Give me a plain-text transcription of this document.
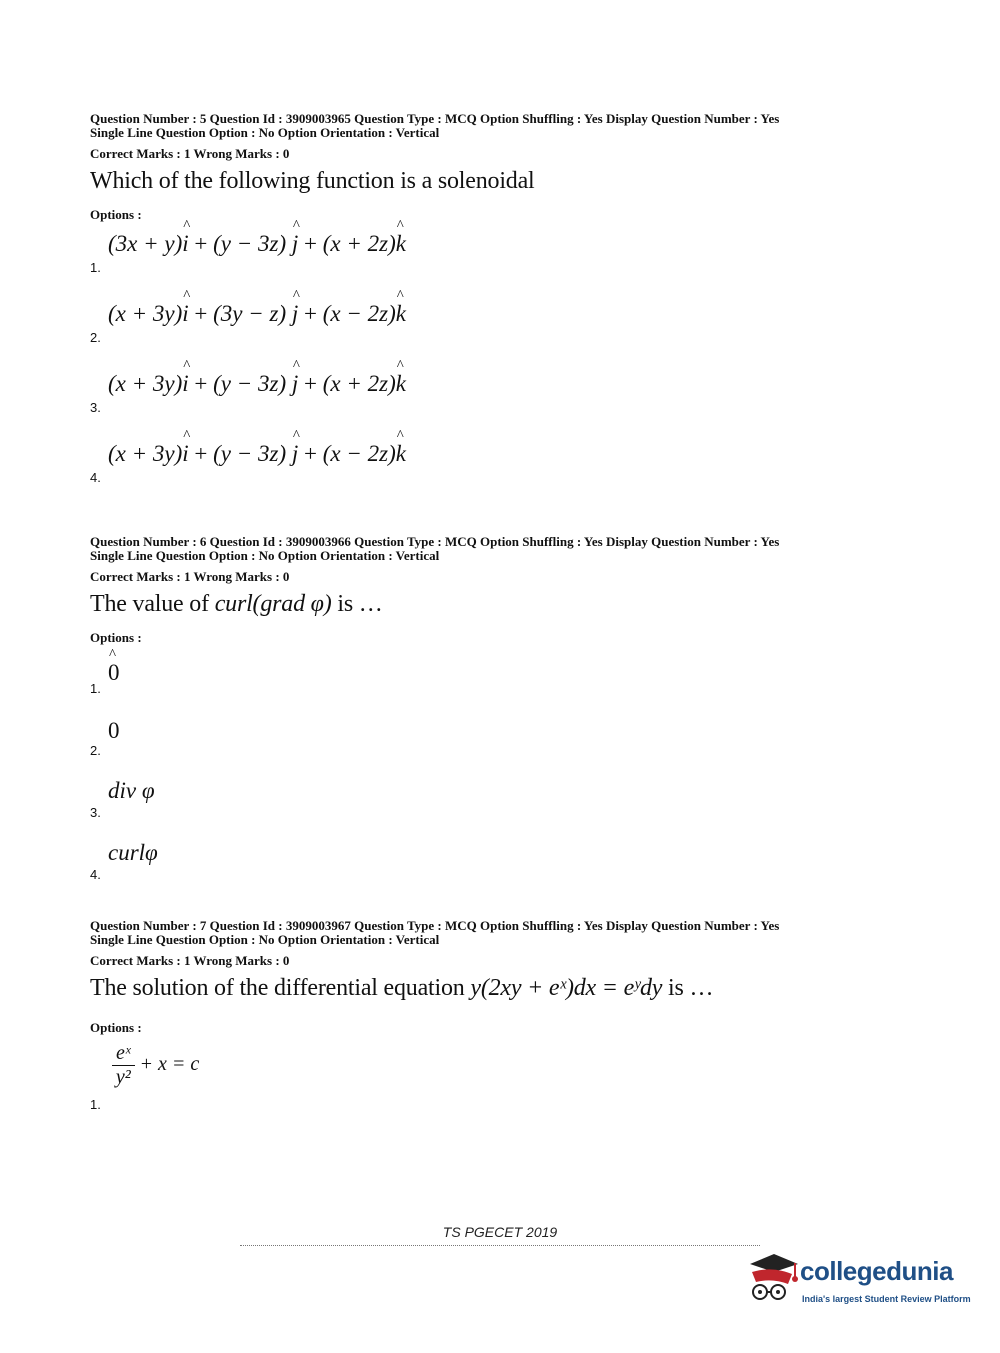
Question Number : 5 Question Id : 3909003965 Question Type : MCQ Option Shuffling : Yes Display Question Number : Yes
Single Line Question Option : No Option Orientation : Vertical
Correct Marks : 1 Wrong Marks : 0
Which of the following function is a solenoidal
Options :
1.
(3x + y)i ^ + (y − 3z) j ^ + (x + 2z)k ^
2.
(x + 3y)i ^ + (3y − z) j ^ + (x − 2z)k ^
3.
(x + 3y)i ^ + (y − 3z) j ^ + (x + 2z)k ^
4.
(x + 3y)i ^ + (y − 3z) j ^ + (x − 2z)k ^
Question Number : 6 Question Id : 3909003966 Question Type : MCQ Option Shuffling : Yes Display Question Number : Yes
Single Line Question Option : No Option Orientation : Vertical
Correct Marks : 1 Wrong Marks : 0
The value of curl(grad φ) is …
Options :
1.
0 ^
2.
0
3.
div φ
4.
curlφ
Question Number : 7 Question Id : 3909003967 Question Type : MCQ Option Shuffling : Yes Display Question Number : Yes
Single Line Question Option : No Option Orientation : Vertical
Correct Marks : 1 Wrong Marks : 0
The solution of the differential equation y(2xy + eˣ)dx = eʸdy is …
Options :
1.
$\frac{\text{eˣ}}{\text{y²}} + x = c$
TS PGECET 2019
collegedunia
India's largest Student Review Platform
